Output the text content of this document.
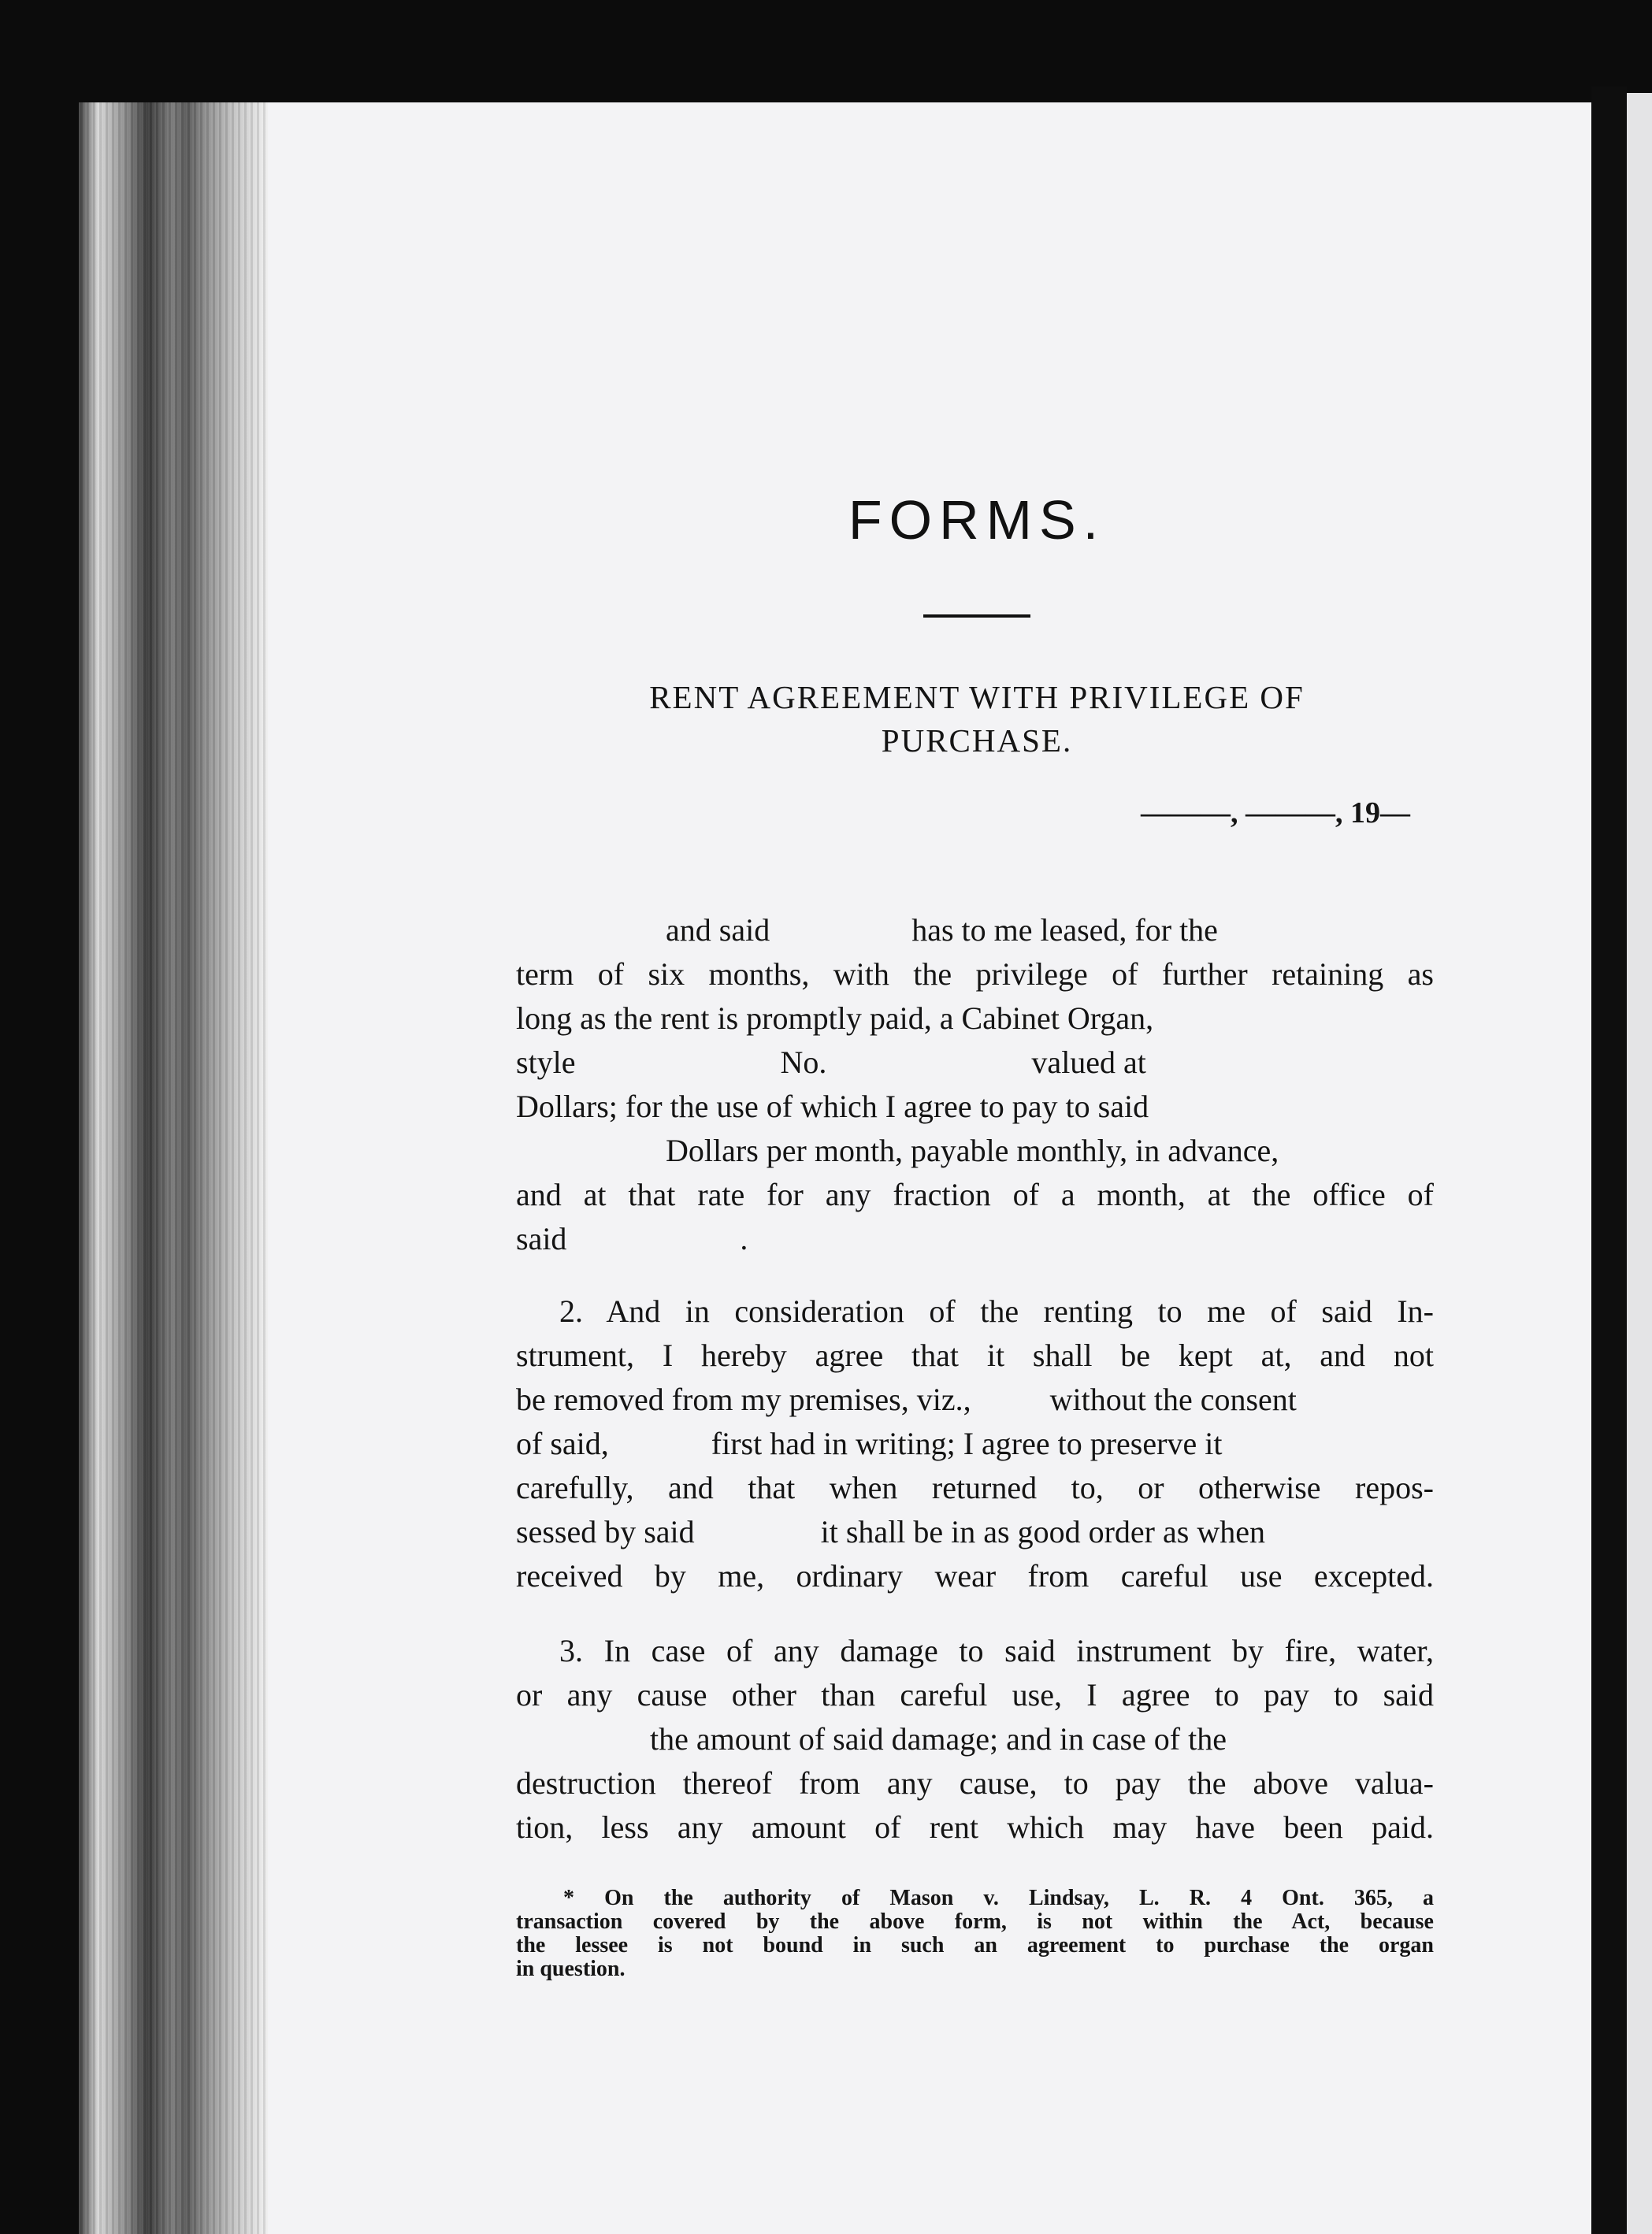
FORMS.
RENT AGREEMENT WITH PRIVILEGE OF
PURCHASE.
———, ———, 19—

and said                  has to me leased, for the
term of six months, with the privilege of further retaining as
long as the rent is promptly paid, a Cabinet Organ,
style                          No.                          valued at
Dollars; for the use of which I agree to pay to said
Dollars per month, payable monthly, in advance,
and at that rate for any fraction of a month, at the office of
said                      .
2. And in consideration of the renting to me of said In-
strument, I hereby agree that it shall be kept at, and not
be removed from my premises, viz.,          without the consent
of said,             first had in writing; I agree to preserve it
carefully, and that when returned to, or otherwise repos-
sessed by said                it shall be in as good order as when
received by me, ordinary wear from careful use excepted.
3. In case of any damage to said instrument by fire, water,
or any cause other than careful use, I agree to pay to said
the amount of said damage; and in case of the
destruction thereof from any cause, to pay the above valua-
tion, less any amount of rent which may have been paid.
* On the authority of Mason v. Lindsay, L. R. 4 Ont. 365, a
transaction covered by the above form, is not within the Act, because
the lessee is not bound in such an agreement to purchase the organ
in question.
